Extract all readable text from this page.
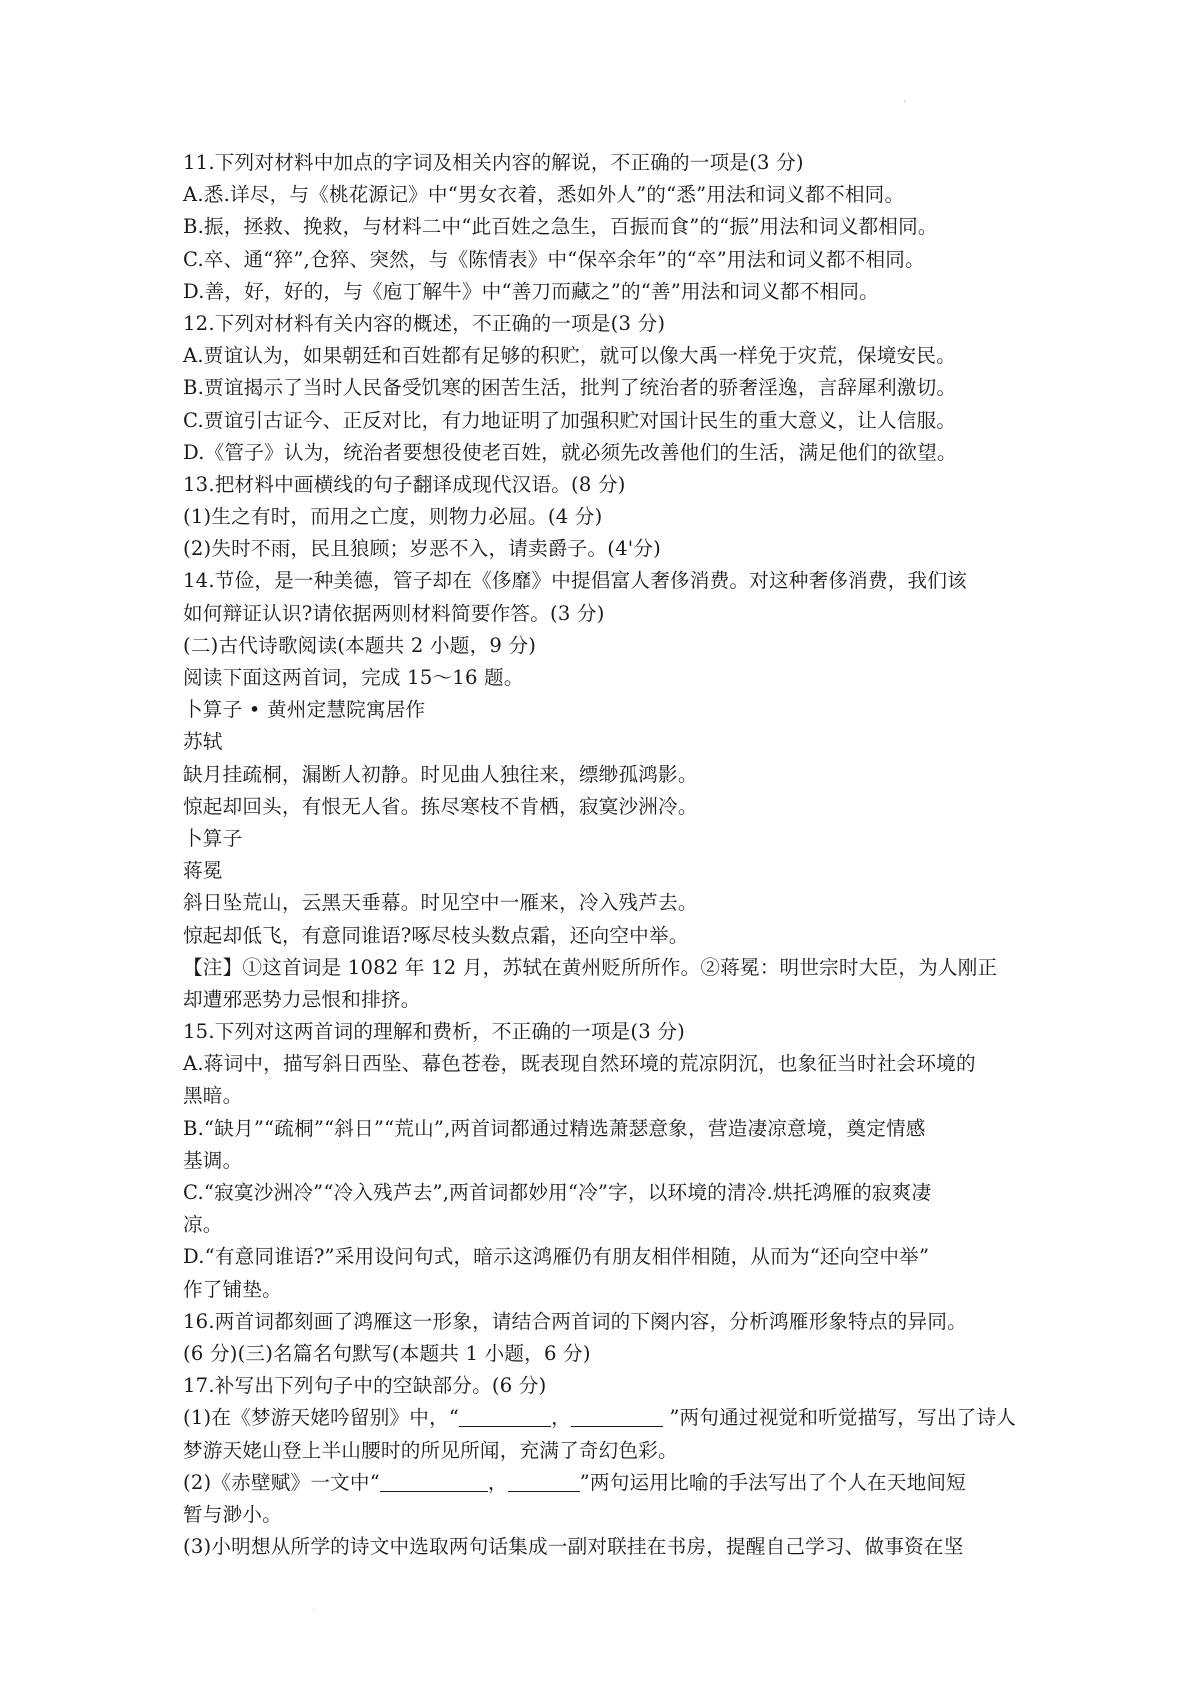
ˋ
11.下列对材料中加点的字词及相关内容的解说，不正确的一项是(3 分)
A.悉.详尽，与《桃花源记》中“男女衣着，悉如外人”的“悉”用法和词义都不相同。
B.振，拯救、挽救，与材料二中“此百姓之急生，百振而食”的“振”用法和词义都相同。
C.卒、通“猝”,仓猝、突然，与《陈情表》中“保卒余年”的“卒”用法和词义都不相同。
D.善，好，好的，与《庖丁解牛》中“善刀而藏之”的“善”用法和词义都不相同。
12.下列对材料有关内容的概述，不正确的一项是(3 分)
A.贾谊认为，如果朝廷和百姓都有足够的积贮，就可以像大禹一样免于灾荒，保境安民。
B.贾谊揭示了当时人民备受饥寒的困苦生活，批判了统治者的骄奢淫逸，言辞犀利激切。
C.贾谊引古证今、正反对比，有力地证明了加强积贮对国计民生的重大意义，让人信服。
D.《管子》认为，统治者要想役使老百姓，就必须先改善他们的生活，满足他们的欲望。
13.把材料中画横线的句子翻译成现代汉语。(8 分)
(1)生之有时，而用之亡度，则物力必屈。(4 分)
(2)失时不雨，民且狼顾；岁恶不入，请卖爵子。(4'分)
14.节俭，是一种美德，管子却在《侈靡》中提倡富人奢侈消费。对这种奢侈消费，我们该
如何辩证认识?请依据两则材料简要作答。(3 分)
(二)古代诗歌阅读(本题共 2 小题，9 分)
阅读下面这两首词，完成 15～16 题。
卜算子 • 黄州定慧院寓居作
苏轼
缺月挂疏桐，漏断人初静。时见曲人独往来，缥缈孤鸿影。
惊起却回头，有恨无人省。拣尽寒枝不肯栖，寂寞沙洲冷。
卜算子
蒋冕
斜日坠荒山，云黑天垂幕。时见空中一雁来，冷入残芦去。
惊起却低飞，有意同谁语?啄尽枝头数点霜，还向空中举。
【注】①这首词是 1082 年 12 月，苏轼在黄州贬所所作。②蒋冕：明世宗时大臣，为人刚正
却遭邪恶势力忌恨和排挤。
15.下列对这两首词的理解和费析，不正确的一项是(3 分)
A.蒋词中，描写斜日西坠、幕色苍卷，既表现自然环境的荒凉阴沉，也象征当时社会环境的
黑暗。
B.“缺月”“疏桐”“斜日”“荒山”,两首词都通过精选萧瑟意象，营造凄凉意境，奠定情感
基调。
C.“寂寞沙洲冷”“冷入残芦去”,两首词都妙用“冷”字，以环境的清冷.烘托鸿雁的寂爽凄
凉。
D.“有意同谁语?”采用设问句式，暗示这鸿雁仍有朋友相伴相随，从而为“还向空中举”
作了铺垫。
16.两首词都刻画了鸿雁这一形象，请结合两首词的下阕内容，分析鸿雁形象特点的异同。
(6 分)(三)名篇名句默写(本题共 1 小题，6 分)
17.补写出下列句子中的空缺部分。(6 分)
(1)在《梦游天姥吟留别》中，“	，	”两句通过视觉和听觉描写，写出了诗人
梦游天姥山登上半山腰时的所见所闻，充满了奇幻色彩。
(2)《赤壁赋》一文中“	，	”两句运用比喻的手法写出了个人在天地间短
暂与渺小。
(3)小明想从所学的诗文中选取两句话集成一副对联挂在书房，提醒自己学习、做事资在坚
.
